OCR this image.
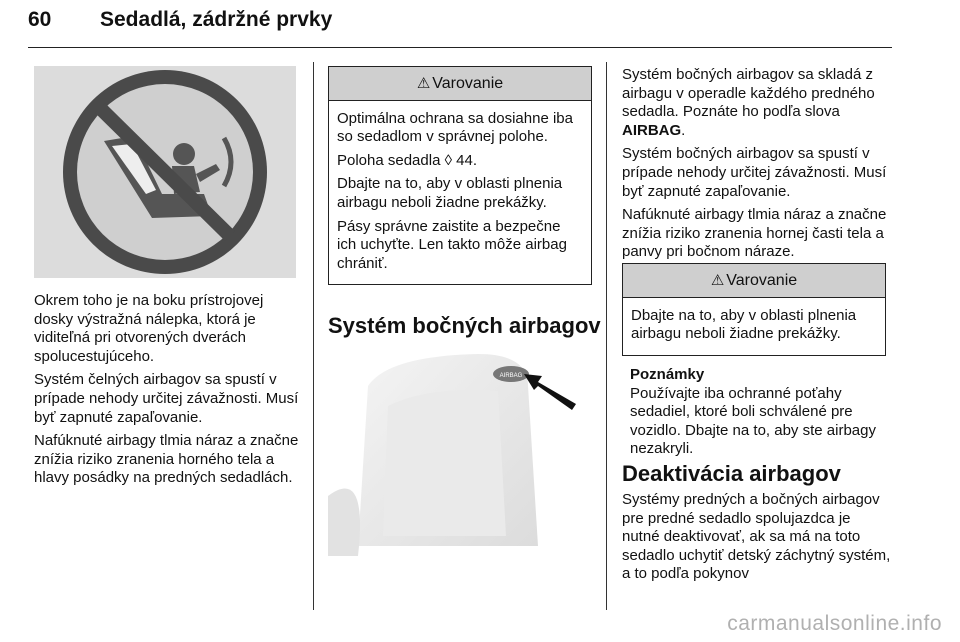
60 Sedadlá, zádržné prvky

Okrem toho je na boku prístrojovej dosky výstražná nálepka, ktorá je viditeľná pri otvorených dverách spolucestujúceho.

Systém čelných airbagov sa spustí v prípade nehody určitej závažnosti. Musí byť zapnuté zapaľovanie.

Nafúknuté airbagy tlmia náraz a značne znížia riziko zranenia horného tela a hlavy posádky na predných sedadlách.

⚠ Varovanie

Optimálna ochrana sa dosiahne iba so sedadlom v správnej polohe.

Poloha sedadla ◊ 44.

Dbajte na to, aby v oblasti plnenia airbagu neboli žiadne prekážky.

Pásy správne zaistite a bezpečne ich uchyťte. Len takto môže airbag chrániť.

Systém bočných airbagov
AIRBAG

Systém bočných airbagov sa skladá z airbagu v operadle každého predného sedadla. Poznáte ho podľa slova AIRBAG.

Systém bočných airbagov sa spustí v prípade nehody určitej závažnosti. Musí byť zapnuté zapaľovanie.

Nafúknuté airbagy tlmia náraz a značne znížia riziko zranenia hornej časti tela a panvy pri bočnom náraze.

⚠ Varovanie

Dbajte na to, aby v oblasti plnenia airbagu neboli žiadne prekážky.

Poznámky
Používajte iba ochranné poťahy sedadiel, ktoré boli schválené pre vozidlo. Dbajte na to, aby ste airbagy nezakryli.
Deaktivácia airbagov

Systémy predných a bočných airbagov pre predné sedadlo spolujazdca je nutné deaktivovať, ak sa má na toto sedadlo uchytiť detský záchytný systém, a to podľa pokynov

carmanualsonline.info
